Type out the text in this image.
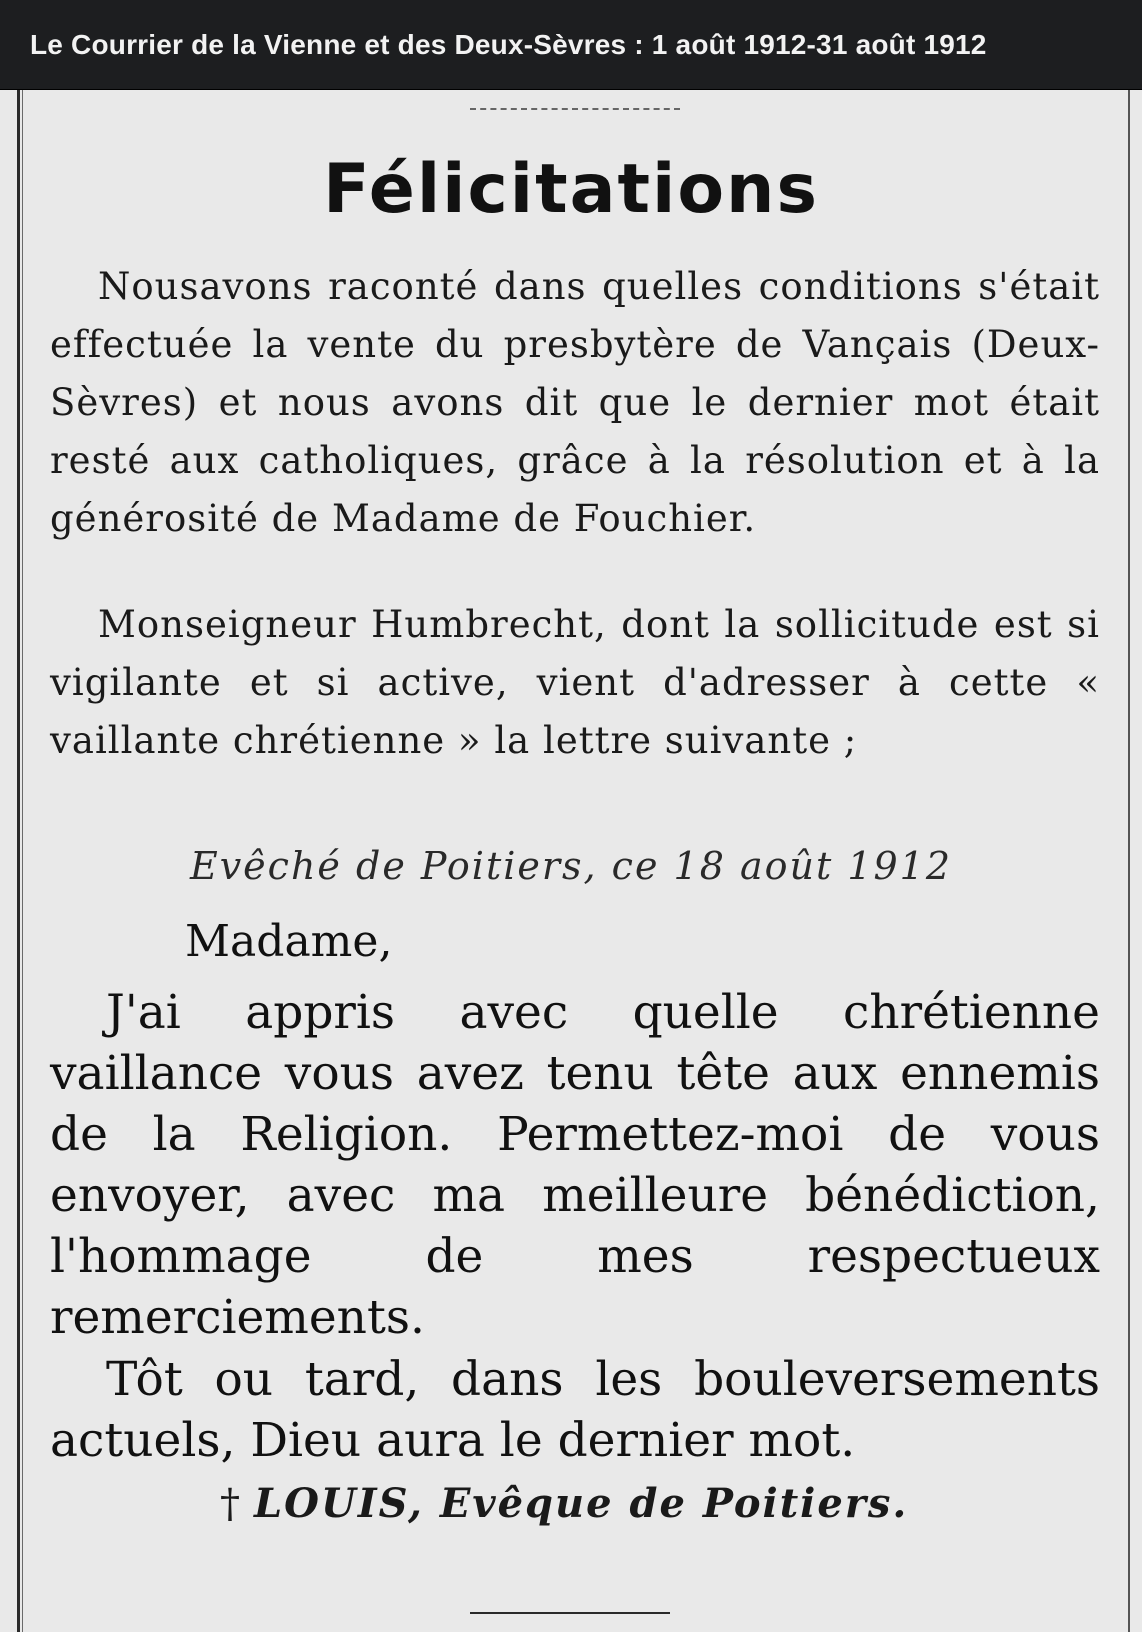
Le Courrier de la Vienne et des Deux-Sèvres : 1 août 1912-31 août 1912
Félicitations

Nousavons raconté dans quelles conditions s'était effectuée la vente du presbytère de Vançais (Deux-Sèvres) et nous avons dit que le dernier mot était resté aux catholiques, grâce à la résolution et à la générosité de Madame de Fouchier.

Monseigneur Humbrecht, dont la sollicitude est si vigilante et si active, vient d'adresser à cette « vaillante chrétienne » la lettre suivante ;

Evêché de Poitiers, ce 18 août 1912
Madame,

J'ai appris avec quelle chrétienne vaillance vous avez tenu tête aux ennemis de la Religion. Permettez-moi de vous envoyer, avec ma meilleure bénédiction, l'hommage de mes respectueux remerciements.

Tôt ou tard, dans les bouleversements actuels, Dieu aura le dernier mot.

† LOUIS, Evêque de Poitiers.
